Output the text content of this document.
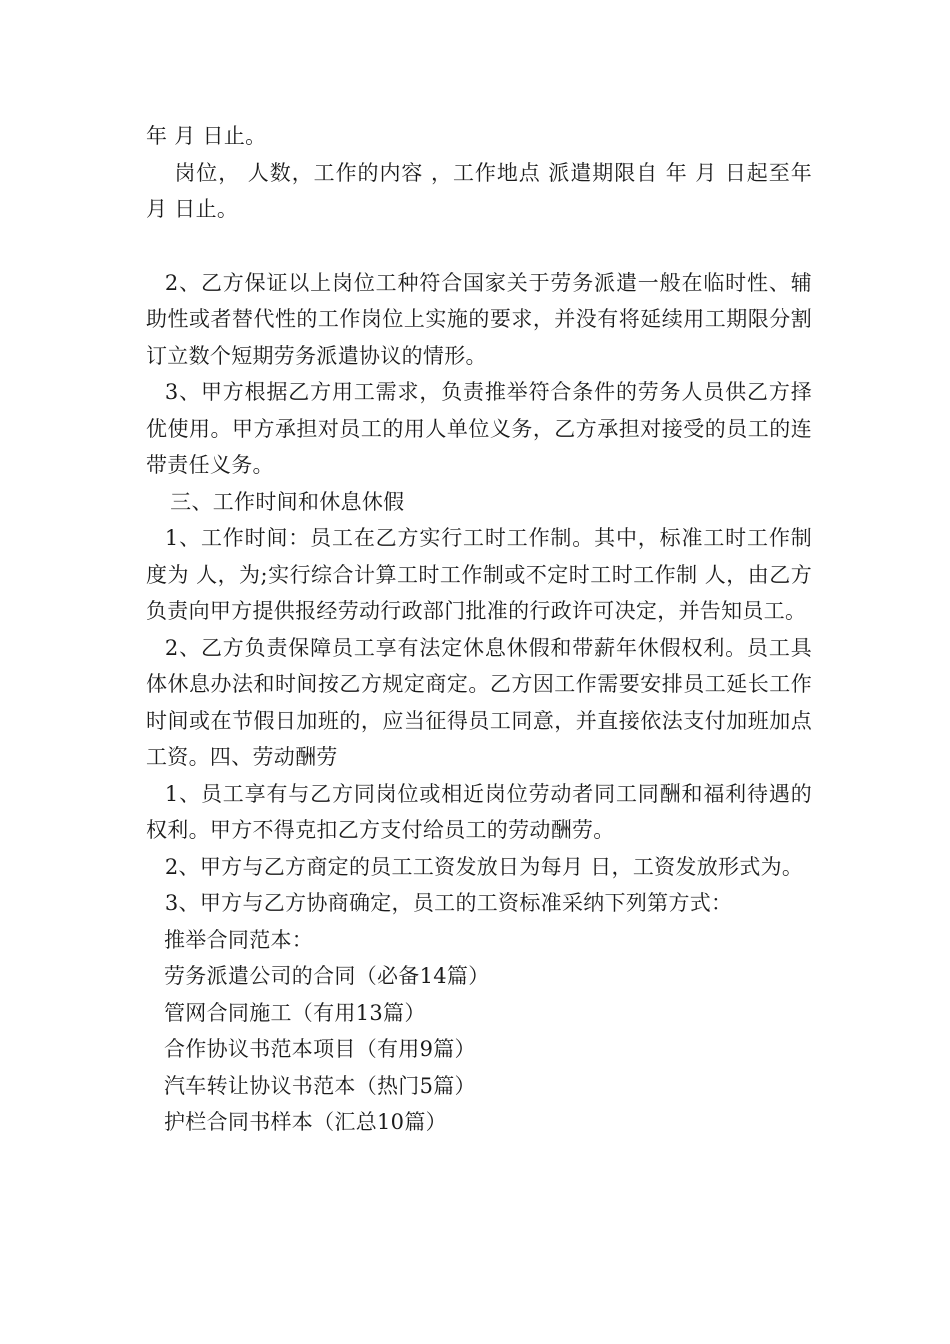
年 月 日止。

岗位， 人数，工作的内容 ，工作地点 派遣期限自 年 月 日起至年 月 日止。

2、乙方保证以上岗位工种符合国家关于劳务派遣一般在临时性、辅助性或者替代性的工作岗位上实施的要求，并没有将延续用工期限分割订立数个短期劳务派遣协议的情形。

3、甲方根据乙方用工需求，负责推举符合条件的劳务人员供乙方择优使用。甲方承担对员工的用人单位义务，乙方承担对接受的员工的连带责任义务。

三、工作时间和休息休假

1、工作时间：员工在乙方实行工时工作制。其中，标准工时工作制度为 人，为;实行综合计算工时工作制或不定时工时工作制 人，由乙方负责向甲方提供报经劳动行政部门批准的行政许可决定，并告知员工。

2、乙方负责保障员工享有法定休息休假和带薪年休假权利。员工具体休息办法和时间按乙方规定商定。乙方因工作需要安排员工延长工作时间或在节假日加班的，应当征得员工同意，并直接依法支付加班加点工资。四、劳动酬劳

1、员工享有与乙方同岗位或相近岗位劳动者同工同酬和福利待遇的权利。甲方不得克扣乙方支付给员工的劳动酬劳。

2、甲方与乙方商定的员工工资发放日为每月 日，工资发放形式为。

3、甲方与乙方协商确定，员工的工资标准采纳下列第方式：

推举合同范本：

劳务派遣公司的合同（必备14篇）

管网合同施工（有用13篇）

合作协议书范本项目（有用9篇）

汽车转让协议书范本（热门5篇）

护栏合同书样本（汇总10篇）
